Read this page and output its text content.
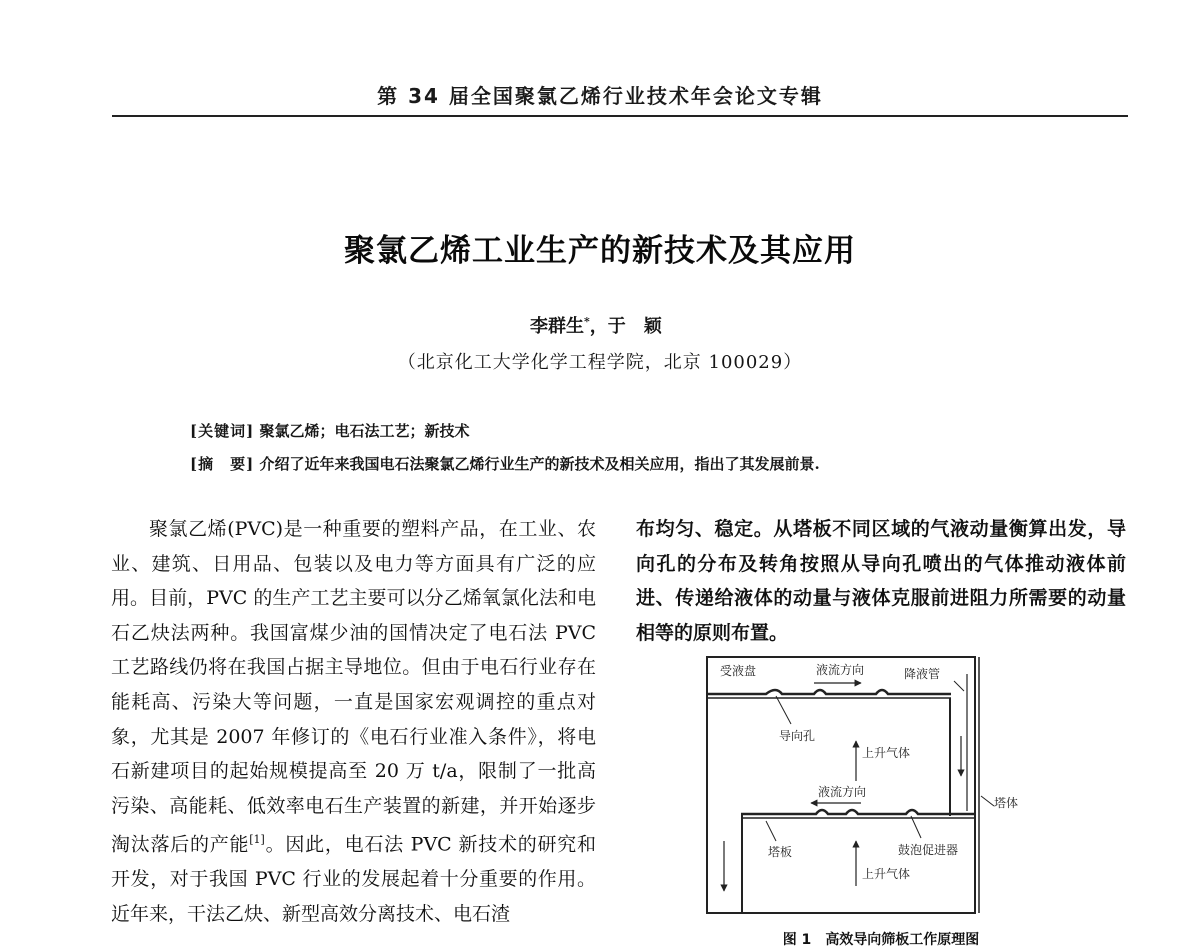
第 34 届全国聚氯乙烯行业技术年会论文专辑
聚氯乙烯工业生产的新技术及其应用
李群生*，于　颖
（北京化工大学化学工程学院，北京 100029）
[关键词] 聚氯乙烯；电石法工艺；新技术
[摘　要] 介绍了近年来我国电石法聚氯乙烯行业生产的新技术及相关应用，指出了其发展前景.

聚氯乙烯(PVC)是一种重要的塑料产品，在工业、农业、建筑、日用品、包装以及电力等方面具有广泛的应用。目前，PVC 的生产工艺主要可以分乙烯氧氯化法和电石乙炔法两种。我国富煤少油的国情决定了电石法 PVC 工艺路线仍将在我国占据主导地位。但由于电石行业存在能耗高、污染大等问题，一直是国家宏观调控的重点对象，尤其是 2007 年修订的《电石行业准入条件》，将电石新建项目的起始规模提高至 20 万 t/a，限制了一批高污染、高能耗、低效率电石生产装置的新建，并开始逐步淘汰落后的产能[1]。因此，电石法 PVC 新技术的研究和开发，对于我国 PVC 行业的发展起着十分重要的作用。近年来，干法乙炔、新型高效分离技术、电石渣

布均匀、稳定。从塔板不同区域的气液动量衡算出发，导向孔的分布及转角按照从导向孔喷出的气体推动液体前进、传递给液体的动量与液体克服前进阻力所需要的动量相等的原则布置。

受液盘	液流方向	降液管
导向孔
上升气体
液流方向
塔体
塔板	鼓泡促进器
上升气体
图 1 高效导向筛板工作原理图
